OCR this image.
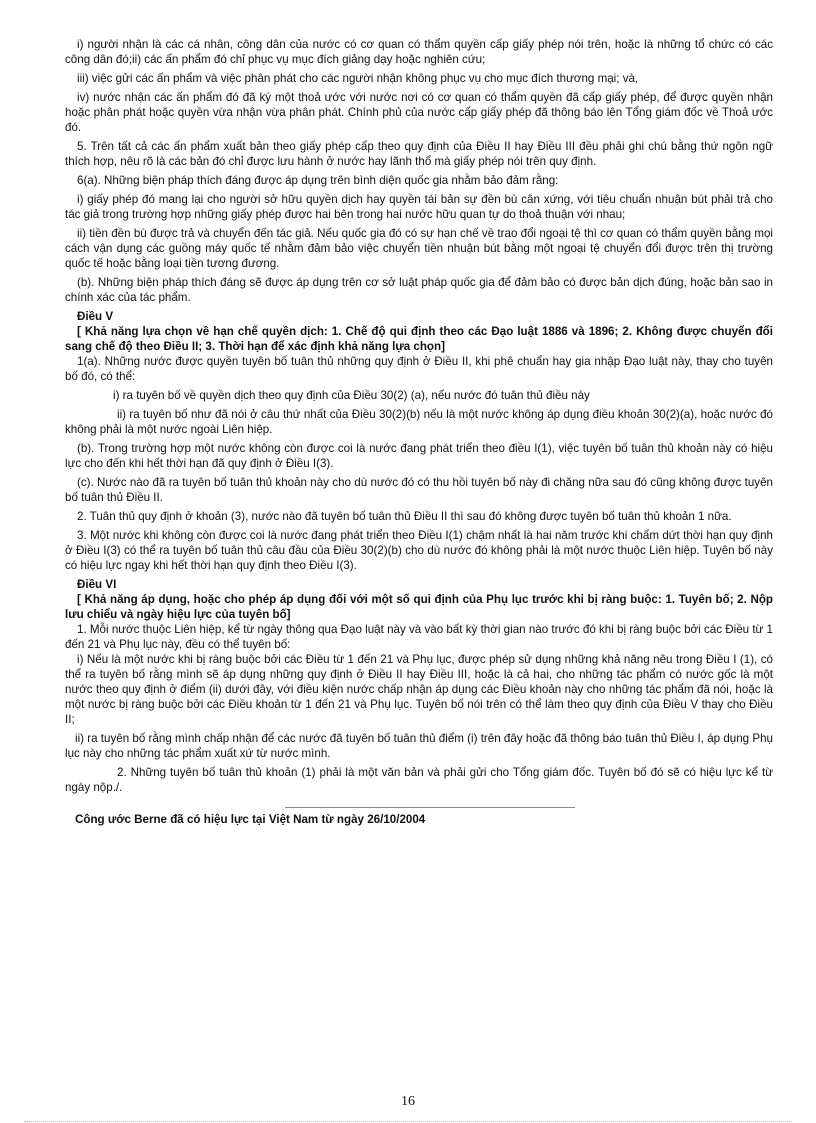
i) người nhận là các cá nhân, công dân của nước có cơ quan có thẩm quyền cấp giấy phép nói trên, hoặc là những tổ chức có các công dân đó;ii) các ấn phẩm đó chỉ phục vụ mục đích giảng dạy hoặc nghiên cứu;

iii) việc gửi các ấn phẩm và việc phân phát cho các người nhận không phục vụ cho mục đích thương mại; và,

iv) nước nhận các ấn phẩm đó đã ký một thoả ước với nước nơi có cơ quan có thẩm quyền đã cấp giấy phép, để được quyền nhận hoặc phân phát hoặc quyền vừa nhận vừa phân phát. Chính phủ của nước cấp giấy phép đã thông báo lên Tổng giám đốc về Thoả ước đó.

5. Trên tất cả các ấn phẩm xuất bản theo giấy phép cấp theo quy định của Điều II hay Điều III đều phải ghi chú bằng thứ ngôn ngữ thích hợp, nêu rõ là các bản đó chỉ được lưu hành ở nước hay lãnh thổ mà giấy phép nói trên quy định.

6(a). Những biện pháp thích đáng được áp dụng trên bình diện quốc gia nhằm bảo đảm rằng:

i) giấy phép đó mang lại cho người sở hữu quyền dịch hay quyền tái bản sự đền bù cân xứng, với tiêu chuẩn nhuận bút phải trả cho tác giả trong trường hợp những giấy phép được hai bên trong hai nước hữu quan tự do thoả thuận với nhau;

ii) tiền đền bù được trả và chuyển đến tác giả. Nếu quốc gia đó có sự hạn chế về trao đổi ngoại tệ thì cơ quan có thẩm quyền bằng mọi cách vận dụng các guồng máy quốc tế nhằm đảm bảo việc chuyển tiền nhuận bút bằng một ngoại tệ chuyển đổi được trên thị trường quốc tế hoặc bằng loại tiền tương đương.

(b). Những biện pháp thích đáng sẽ được áp dụng trên cơ sở luật pháp quốc gia để đảm bảo có được bản dịch đúng, hoặc bản sao in chính xác của tác phẩm.

Điều V
[ Khả năng lựa chọn về hạn chế quyền dịch: 1. Chế độ qui định theo các Đạo luật 1886 và 1896; 2. Không được chuyển đổi sang chế độ theo Điều II; 3. Thời hạn để xác định khả năng lựa chọn]

1(a). Những nước được quyền tuyên bố tuân thủ những quy định ở Điều II, khi phê chuẩn hay gia nhập Đạo luật này, thay cho tuyên bố đó, có thể:

i) ra tuyên bố về quyền dịch theo quy định của Điều 30(2) (a), nếu nước đó tuân thủ điều này

ii) ra tuyên bố như đã nói ở câu thứ nhất của Điều 30(2)(b) nếu là một nước không áp dụng điều khoản 30(2)(a), hoặc nước đó không phải là một nước ngoài Liên hiệp.

(b). Trong trường hợp một nước không còn được coi là nước đang phát triển theo điều I(1), việc tuyên bố tuân thủ khoản này có hiệu lực cho đến khi hết thời hạn đã quy định ở Điều I(3).

(c). Nước nào đã ra tuyên bố tuân thủ khoản này cho dù nước đó có thu hồi tuyên bố này đi chăng nữa sau đó cũng không được tuyên bố tuân thủ Điều II.

2. Tuân thủ quy định ở khoản (3), nước nào đã tuyên bố tuân thủ Điều II thì sau đó không được tuyên bố tuân thủ khoản 1 nữa.

3. Một nước khi không còn được coi là nước đang phát triển theo Điều I(1) chậm nhất là hai năm trước khi chấm dứt thời hạn quy định ở Điều I(3) có thể ra tuyên bố tuân thủ câu đầu của Điều 30(2)(b) cho dù nước đó không phải là một nước thuộc Liên hiệp. Tuyên bố này có hiệu lực ngay khi hết thời hạn quy định theo Điều I(3).

Điều VI
[ Khả năng áp dụng, hoặc cho phép áp dụng đối với một số qui định của Phụ lục trước khi bị ràng buộc: 1. Tuyên bố; 2. Nộp lưu chiểu và ngày hiệu lực của tuyên bố]

1. Mỗi nước thuộc Liên hiệp, kể từ ngày thông qua Đạo luật này và vào bất kỳ thời gian nào trước đó khi bị ràng buộc bởi các Điều từ 1 đến 21 và Phụ lục này, đều có thể tuyên bố:

i) Nếu là một nước khi bị ràng buộc bởi các Điều từ 1 đến 21 và Phụ lục, được phép sử dụng những khả năng nêu trong Điều I (1), có thể ra tuyên bố rằng mình sẽ áp dụng những quy định ở Điều II hay Điều III, hoặc là cả hai, cho những tác phẩm có nước gốc là một nước theo quy định ở điểm (ii) dưới đây, với điều kiện nước chấp nhận áp dụng các Điều khoản này cho những tác phẩm đã nói, hoặc là một nước bị ràng buộc bởi các Điều khoản từ 1 đến 21 và Phụ lục. Tuyên bố nói trên có thể làm theo quy định của Điều V thay cho Điều II;

ii) ra tuyên bố rằng mình chấp nhận để các nước đã tuyên bố tuân thủ điểm (i) trên đây hoặc đã thông báo tuân thủ Điều I, áp dụng Phụ lục này cho những tác phẩm xuất xứ từ nước mình.

2. Những tuyên bố tuân thủ khoản (1) phải là một văn bản và phải gửi cho Tổng giám đốc. Tuyên bố đó sẽ có hiệu lực kể từ ngày nộp./.

Công ước Berne đã có hiệu lực tại Việt Nam từ ngày 26/10/2004

16
